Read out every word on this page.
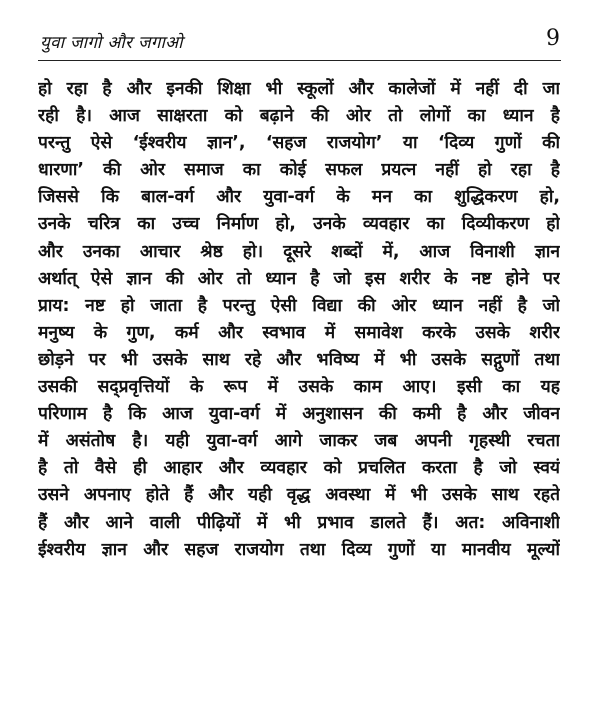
युवा जागो और जगाओ	9
हो रहा है और इनकी शिक्षा भी स्कूलों और कालेजों में नहीं दी जा
रही है। आज साक्षरता को बढ़ाने की ओर तो लोगों का ध्यान है
परन्तु ऐसे ‘ईश्वरीय ज्ञान’, ‘सहज राजयोग’ या ‘दिव्य गुणों की
धारणा’ की ओर समाज का कोई सफल प्रयत्न नहीं हो रहा है
जिससे कि बाल-वर्ग और युवा-वर्ग के मन का शुद्धिकरण हो,
उनके चरित्र का उच्च निर्माण हो, उनके व्यवहार का दिव्यीकरण हो
और उनका आचार श्रेष्ठ हो। दूसरे शब्दों में, आज विनाशी ज्ञान
अर्थात् ऐसे ज्ञान की ओर तो ध्यान है जो इस शरीर के नष्ट होने पर
प्राय: नष्ट हो जाता है परन्तु ऐसी विद्या की ओर ध्यान नहीं है जो
मनुष्य के गुण, कर्म और स्वभाव में समावेश करके उसके शरीर
छोड़ने पर भी उसके साथ रहे और भविष्य में भी उसके सद्गुणों तथा
उसकी सद्प्रवृत्तियों के रूप में उसके काम आए। इसी का यह
परिणाम है कि आज युवा-वर्ग में अनुशासन की कमी है और जीवन
में असंतोष है। यही युवा-वर्ग आगे जाकर जब अपनी गृहस्थी रचता
है तो वैसे ही आहार और व्यवहार को प्रचलित करता है जो स्वयं
उसने अपनाए होते हैं और यही वृद्ध अवस्था में भी उसके साथ रहते
हैं और आने वाली पीढ़ियों में भी प्रभाव डालते हैं। अत: अविनाशी
ईश्वरीय ज्ञान और सहज राजयोग तथा दिव्य गुणों या मानवीय मूल्यों
